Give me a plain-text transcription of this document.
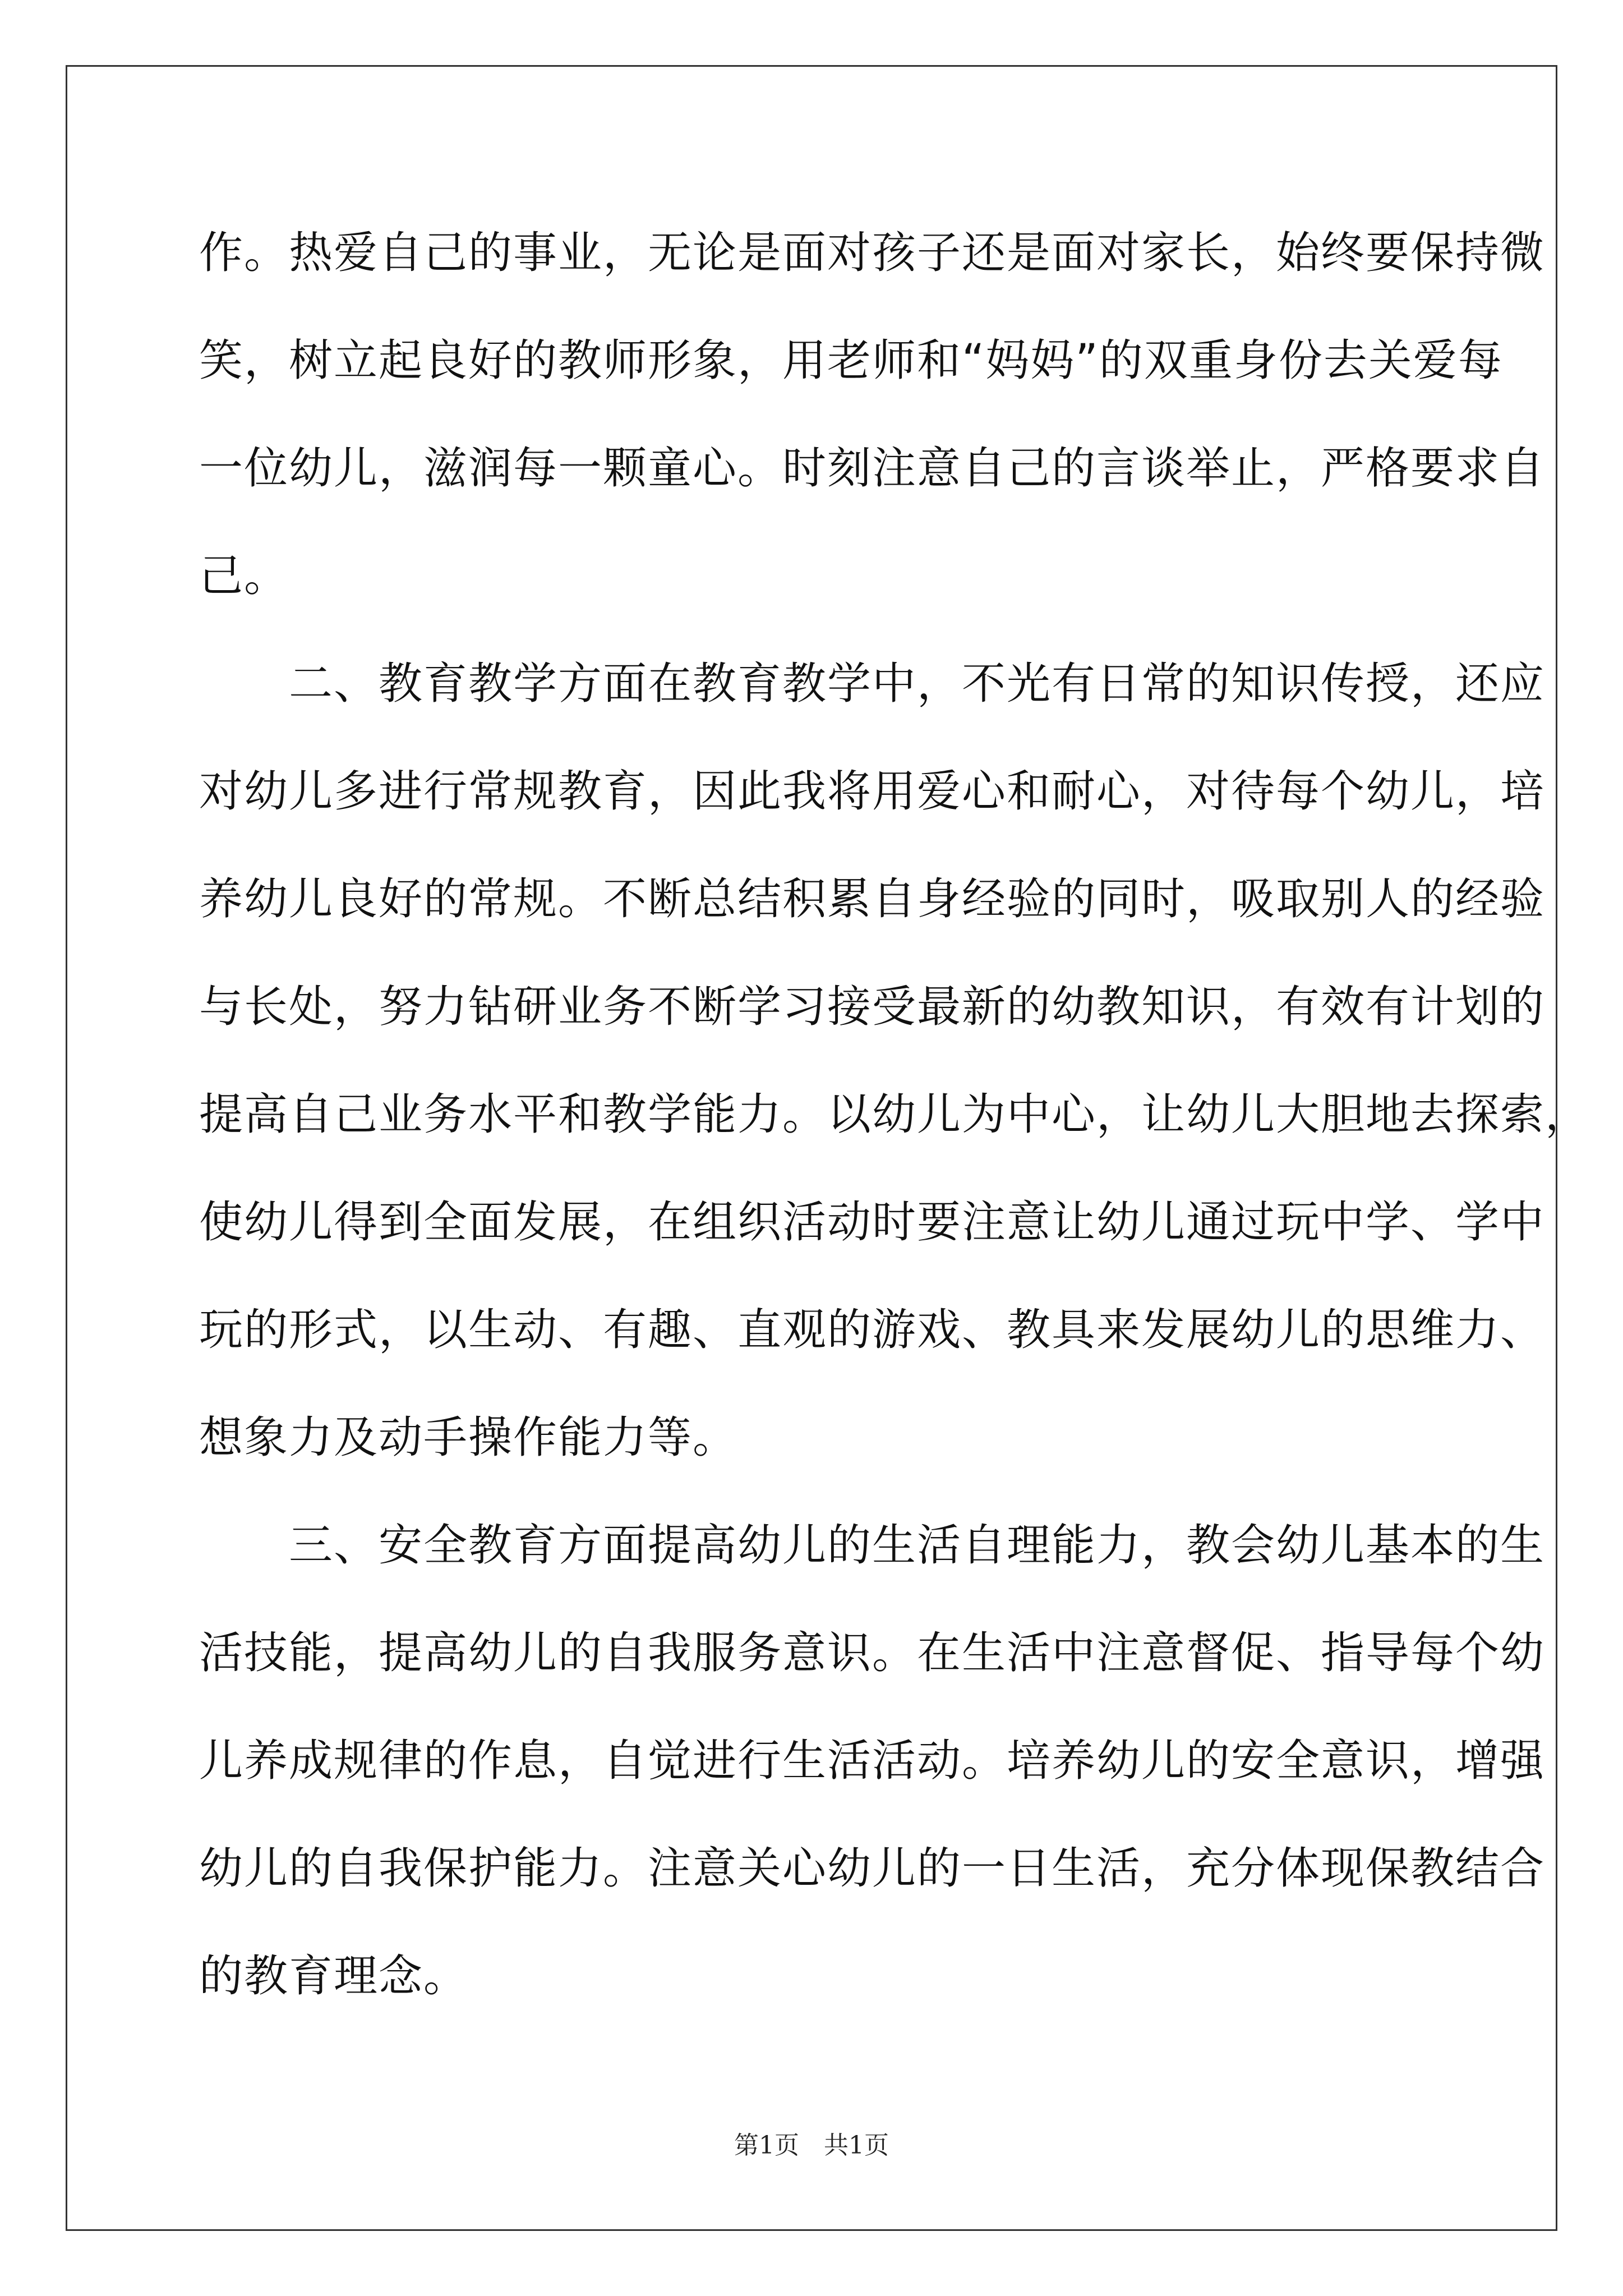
作。热爱自己的事业，无论是面对孩子还是面对家长，始终要保持微
笑，树立起良好的教师形象，用老师和“妈妈”的双重身份去关爱每
一位幼儿，滋润每一颗童心。时刻注意自己的言谈举止，严格要求自
己。
　　二、教育教学方面在教育教学中，不光有日常的知识传授，还应
对幼儿多进行常规教育，因此我将用爱心和耐心，对待每个幼儿，培
养幼儿良好的常规。不断总结积累自身经验的同时，吸取别人的经验
与长处，努力钻研业务不断学习接受最新的幼教知识，有效有计划的
提高自己业务水平和教学能力。以幼儿为中心，让幼儿大胆地去探索，
使幼儿得到全面发展，在组织活动时要注意让幼儿通过玩中学、学中
玩的形式，以生动、有趣、直观的游戏、教具来发展幼儿的思维力、
想象力及动手操作能力等。
　　三、安全教育方面提高幼儿的生活自理能力，教会幼儿基本的生
活技能，提高幼儿的自我服务意识。在生活中注意督促、指导每个幼
儿养成规律的作息，自觉进行生活活动。培养幼儿的安全意识，增强
幼儿的自我保护能力。注意关心幼儿的一日生活，充分体现保教结合
的教育理念。
第1页　共1页
